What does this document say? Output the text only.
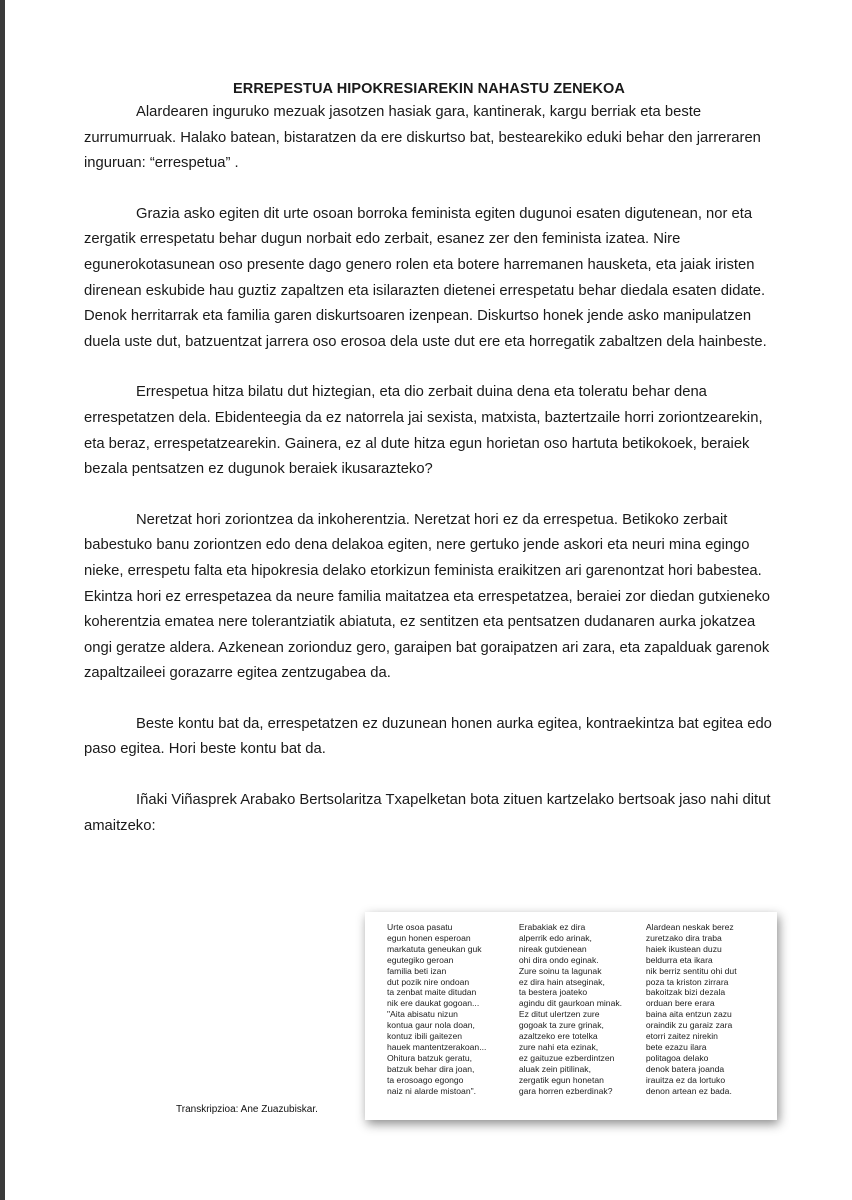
ERREPESTUA HIPOKRESIAREKIN NAHASTU ZENEKOA

Alardearen inguruko mezuak jasotzen hasiak gara, kantinerak, kargu berriak eta beste zurrumurruak. Halako batean, bistaratzen da ere diskurtso bat, bestearekiko eduki behar den jarreraren inguruan: “errespetua” .

Grazia asko egiten dit urte osoan borroka feminista egiten dugunoi esaten digutenean, nor eta zergatik errespetatu behar dugun norbait edo zerbait, esanez zer den feminista izatea. Nire egunerokotasunean oso presente dago genero rolen eta botere harremanen hausketa, eta jaiak iristen direnean eskubide hau guztiz zapaltzen eta isilarazten dietenei errespetatu behar diedala esaten didate. Denok herritarrak eta familia garen diskurtsoaren izenpean. Diskurtso honek jende asko manipulatzen duela uste dut, batzuentzat jarrera oso erosoa dela uste dut ere eta horregatik zabaltzen dela hainbeste.

Errespetua hitza bilatu dut hiztegian, eta dio zerbait duina dena eta toleratu behar dena errespetatzen dela. Ebidenteegia da ez natorrela jai sexista, matxista, baztertzaile horri zoriontzearekin, eta beraz, errespetatzearekin. Gainera, ez al dute hitza egun horietan oso hartuta betikokoek, beraiek bezala pentsatzen ez dugunok beraiek ikusarazteko?

Neretzat hori zoriontzea da inkoherentzia. Neretzat hori ez da errespetua. Betikoko zerbait babestuko banu zoriontzen edo dena delakoa egiten, nere gertuko jende askori eta neuri mina egingo nieke, errespetu falta eta hipokresia delako etorkizun feminista eraikitzen ari garenontzat hori babestea. Ekintza hori ez errespetazea da neure familia maitatzea eta errespetatzea, beraiei zor diedan gutxieneko koherentzia ematea nere tolerantziatik abiatuta, ez sentitzen eta pentsatzen dudanaren aurka jokatzea ongi geratze aldera. Azkenean zorionduz gero, garaipen bat goraipatzen ari zara, eta zapalduak garenok zapaltzaileei gorazarre egitea zentzugabea da.

Beste kontu bat da, errespetatzen ez duzunean honen aurka egitea, kontraekintza bat egitea edo paso egitea. Hori beste kontu bat da.

Iñaki Viñasprek Arabako Bertsolaritza Txapelketan bota zituen kartzelako bertsoak jaso nahi ditut amaitzeko:

Urte osoa pasatu
egun honen esperoan
markatuta geneukan guk
egutegiko geroan
familia beti izan
dut pozik nire ondoan
ta zenbat maite ditudan
nik ere daukat gogoan...
"Aita abisatu nizun
kontua gaur nola doan,
kontuz ibili gaitezen
hauek mantentzerakoan...
Ohitura batzuk geratu,
batzuk behar dira joan,
ta erosoago egongo
naiz ni alarde mistoan".
Erabakiak ez dira
alperrik edo arinak,
nireak gutxienean
ohi dira ondo eginak.
Zure soinu ta lagunak
ez dira hain atseginak,
ta bestera joateko
agindu dit gaurkoan minak.
Ez ditut ulertzen zure
gogoak ta zure grinak,
azaltzeko ere totelka
zure nahi eta ezinak,
ez gaituzue ezberdintzen
aluak zein pitilinak,
zergatik egun honetan
gara horren ezberdinak?
Alardean neskak berez
zuretzako dira traba
haiek ikustean duzu
beldurra eta ikara
nik berriz sentitu ohi dut
poza ta kriston zirrara
bakoitzak bizi dezala
orduan bere erara
baina aita entzun zazu
oraindik zu garaiz zara
etorri zaitez nirekin
bete ezazu ilara
politagoa delako
denok batera joanda
irauitza ez da lortuko
denon artean ez bada.
Transkripzioa: Ane Zuazubiskar.
